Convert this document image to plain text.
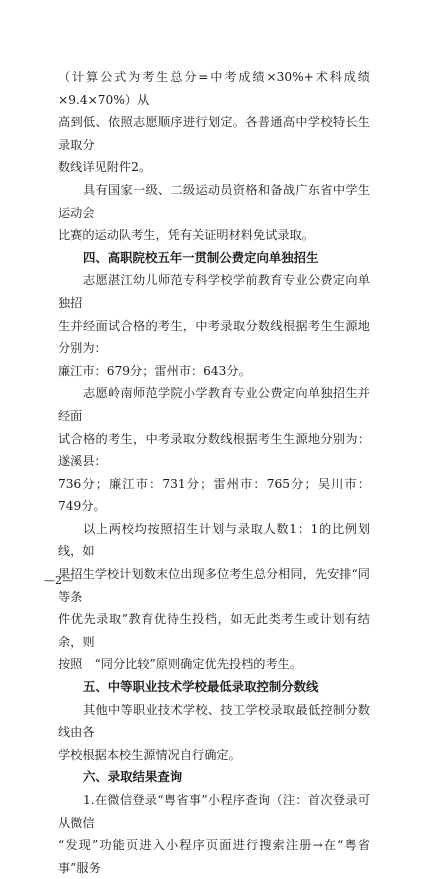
（计算公式为考生总分=中考成绩×30%+术科成绩×9.4×70%）从

高到低、依照志愿顺序进行划定。各普通高中学校特长生录取分

数线详见附件2。

具有国家一级、二级运动员资格和备战广东省中学生运动会

比赛的运动队考生，凭有关证明材料免试录取。

四、高职院校五年一贯制公费定向单独招生

志愿湛江幼儿师范专科学校学前教育专业公费定向单独招

生并经面试合格的考生，中考录取分数线根据考生生源地分别为：

廉江市：679分；雷州市：643分。

志愿岭南师范学院小学教育专业公费定向单独招生并经面

试合格的考生，中考录取分数线根据考生生源地分别为：遂溪县：

736分；廉江市：731分；雷州市：765分；吴川市：749分。

以上两校均按照招生计划与录取人数1：1的比例划线，如

果招生学校计划数末位出现多位考生总分相同，先安排“同等条

件优先录取”教育优待生投档，如无此类考生或计划有结余，则

按照　“同分比较”原则确定优先投档的考生。

五、中等职业技术学校最低录取控制分数线

其他中等职业技术学校、技工学校录取最低控制分数线由各

学校根据本校生源情况自行确定。

六、录取结果查询

1.在微信登录“粤省事”小程序查询（注：首次登录可从微信

“发现”功能页进入小程序页面进行搜索注册→在“粤省事”服务

—2—
